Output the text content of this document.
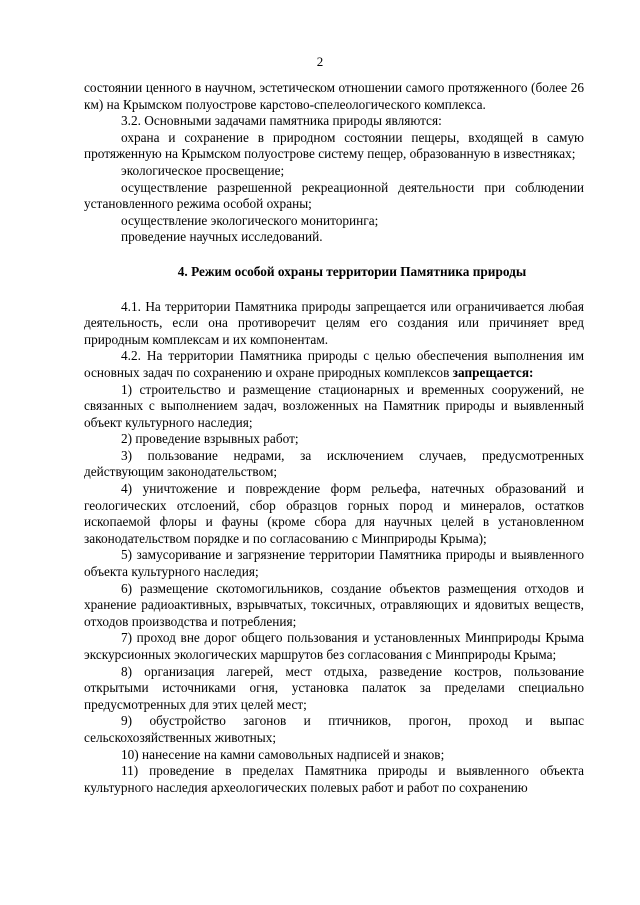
2

состоянии ценного в научном, эстетическом отношении самого протяженного (более 26 км) на Крымском полуострове карстово-спелеологического комплекса.

3.2. Основными задачами памятника природы являются:

охрана и сохранение в природном состоянии пещеры, входящей в самую протяженную на Крымском полуострове систему пещер, образованную в известняках;

экологическое просвещение;

осуществление разрешенной рекреационной деятельности при соблюдении установленного режима особой охраны;

осуществление экологического мониторинга;

проведение научных исследований.

4. Режим особой охраны территории Памятника природы

4.1. На территории Памятника природы запрещается или ограничивается любая деятельность, если она противоречит целям его создания или причиняет вред природным комплексам и их компонентам.

4.2. На территории Памятника природы с целью обеспечения выполнения им основных задач по сохранению и охране природных комплексов запрещается:

1) строительство и размещение стационарных и временных сооружений, не связанных с выполнением задач, возложенных на Памятник природы и выявленный объект культурного наследия;

2) проведение взрывных работ;

3) пользование недрами, за исключением случаев, предусмотренных действующим законодательством;

4) уничтожение и повреждение форм рельефа, натечных образований и геологических отслоений, сбор образцов горных пород и минералов, остатков ископаемой флоры и фауны (кроме сбора для научных целей в установленном законодательством порядке и по согласованию с Минприроды Крыма);

5) замусоривание и загрязнение территории Памятника природы и выявленного объекта культурного наследия;

6) размещение скотомогильников, создание объектов размещения отходов и хранение радиоактивных, взрывчатых, токсичных, отравляющих и ядовитых веществ, отходов производства и потребления;

7) проход вне дорог общего пользования и установленных Минприроды Крыма экскурсионных экологических маршрутов без согласования с Минприроды Крыма;

8) организация лагерей, мест отдыха, разведение костров, пользование открытыми источниками огня, установка палаток за пределами специально предусмотренных для этих целей мест;

9) обустройство загонов и птичников, прогон, проход и выпас сельскохозяйственных животных;

10) нанесение на камни самовольных надписей и знаков;

11) проведение в пределах Памятника природы и выявленного объекта культурного наследия археологических полевых работ и работ по сохранению
